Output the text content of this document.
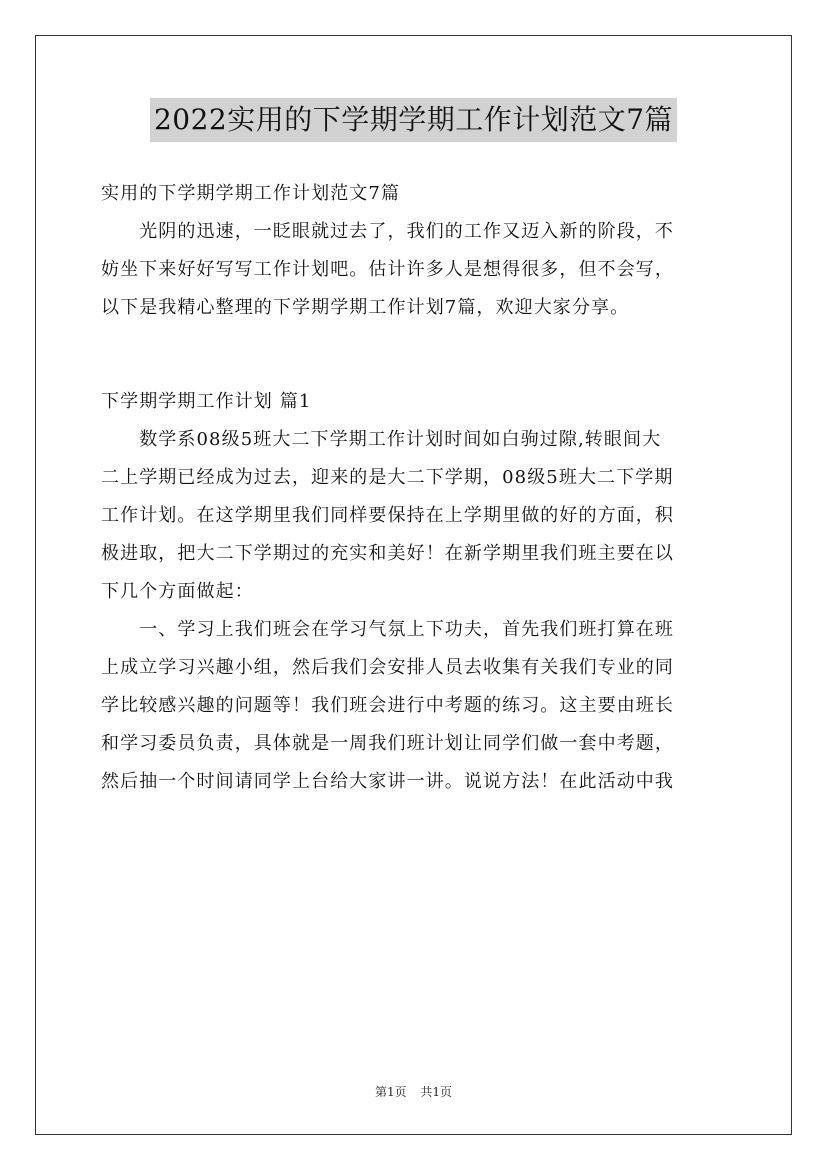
2022实用的下学期学期工作计划范文7篇
实用的下学期学期工作计划范文7篇
　　光阴的迅速，一眨眼就过去了，我们的工作又迈入新的阶段，不
妨坐下来好好写写工作计划吧。估计许多人是想得很多，但不会写，
以下是我精心整理的下学期学期工作计划7篇，欢迎大家分享。
下学期学期工作计划 篇1
　　数学系08级5班大二下学期工作计划时间如白驹过隙,转眼间大
二上学期已经成为过去，迎来的是大二下学期，08级5班大二下学期
工作计划。在这学期里我们同样要保持在上学期里做的好的方面，积
极进取，把大二下学期过的充实和美好！在新学期里我们班主要在以
下几个方面做起：
　　一、学习上我们班会在学习气氛上下功夫，首先我们班打算在班
上成立学习兴趣小组，然后我们会安排人员去收集有关我们专业的同
学比较感兴趣的问题等！我们班会进行中考题的练习。这主要由班长
和学习委员负责，具体就是一周我们班计划让同学们做一套中考题，
然后抽一个时间请同学上台给大家讲一讲。说说方法！在此活动中我
第1页 共1页
